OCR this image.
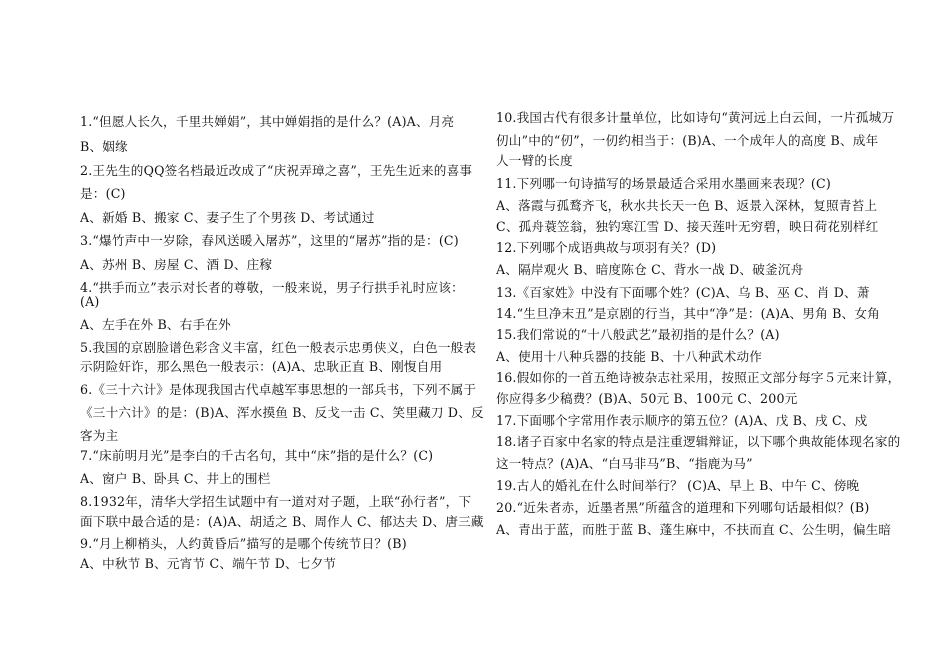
1.“但愿人长久，千里共婵娟”，其中婵娟指的是什么？(A)A、月亮
B、姻缘
2.王先生的QQ签名档最近改成了“庆祝弄璋之喜”，王先生近来的喜事
是：(C)
A、新婚 B、搬家 C、妻子生了个男孩 D、考试通过
3.“爆竹声中一岁除，春风送暖入屠苏”，这里的“屠苏”指的是：(C)
A、苏州 B、房屋 C、酒 D、庄稼
4.“拱手而立”表示对长者的尊敬，一般来说，男子行拱手礼时应该：
(A)
A、左手在外 B、右手在外
5.我国的京剧脸谱色彩含义丰富，红色一般表示忠勇侠义，白色一般表
示阴险奸诈，那么黑色一般表示：(A)A、忠耿正直 B、刚愎自用
6.《三十六计》是体现我国古代卓越军事思想的一部兵书，下列不属于
《三十六计》的是：(B)A、浑水摸鱼 B、反戈一击 C、笑里藏刀 D、反
客为主
7.“床前明月光”是李白的千古名句，其中“床”指的是什么？(C)
A、窗户 B、卧具 C、井上的围栏
8.1932年，清华大学招生试题中有一道对对子题，上联“孙行者”，下
面下联中最合适的是：(A)A、胡适之 B、周作人 C、郁达夫 D、唐三藏
9.“月上柳梢头，人约黄昏后”描写的是哪个传统节日？(B)
A、中秋节 B、元宵节 C、端午节 D、七夕节
10.我国古代有很多计量单位，比如诗句“黄河远上白云间，一片孤城万
仞山”中的“仞”，一仞约相当于：(B)A、一个成年人的高度 B、成年
人一臂的长度
11.下列哪一句诗描写的场景最适合采用水墨画来表现？(C)
A、落霞与孤鹜齐飞，秋水共长天一色 B、返景入深林，复照青苔上
C、孤舟蓑笠翁，独钓寒江雪 D、接天莲叶无穷碧，映日荷花别样红
12.下列哪个成语典故与项羽有关？(D)
A、隔岸观火 B、暗度陈仓 C、背水一战 D、破釜沉舟
13.《百家姓》中没有下面哪个姓？(C)A、乌 B、巫 C、肖 D、萧
14.“生旦净末丑”是京剧的行当，其中“净”是：(A)A、男角 B、女角
15.我们常说的“十八般武艺”最初指的是什么？(A)
A、使用十八种兵器的技能 B、十八种武术动作
16.假如你的一首五绝诗被杂志社采用，按照正文部分每字５元来计算，
你应得多少稿费？(B)A、50元 B、100元 C、200元
17.下面哪个字常用作表示顺序的第五位？(A)A、戊 B、戌 C、戍
18.诸子百家中名家的特点是注重逻辑辩证，以下哪个典故能体现名家的
这一特点？(A)A、“白马非马”B、“指鹿为马”
19.古人的婚礼在什么时间举行？ (C)A、早上 B、中午 C、傍晚
20.“近朱者赤，近墨者黑”所蕴含的道理和下列哪句话最相似？(B)
A、青出于蓝，而胜于蓝 B、蓬生麻中，不扶而直 C、公生明，偏生暗
